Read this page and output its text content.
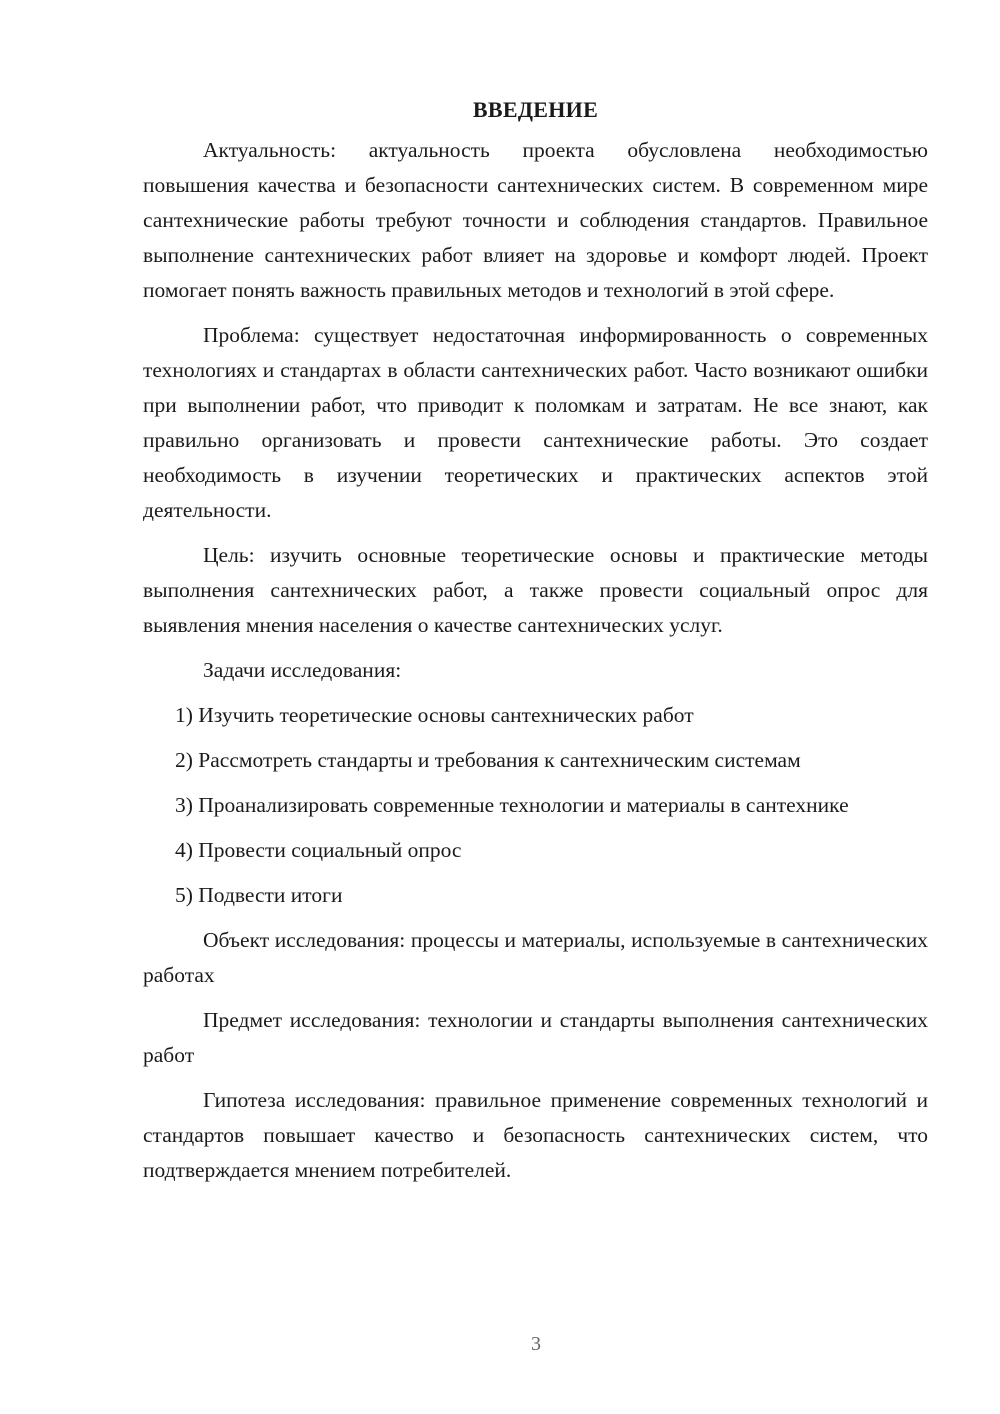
ВВЕДЕНИЕ

Актуальность: актуальность проекта обусловлена необходимостью повышения качества и безопасности сантехнических систем. В современном мире сантехнические работы требуют точности и соблюдения стандартов. Правильное выполнение сантехнических работ влияет на здоровье и комфорт людей. Проект помогает понять важность правильных методов и технологий в этой сфере.

Проблема: существует недостаточная информированность о современных технологиях и стандартах в области сантехнических работ. Часто возникают ошибки при выполнении работ, что приводит к поломкам и затратам. Не все знают, как правильно организовать и провести сантехнические работы. Это создает необходимость в изучении теоретических и практических аспектов этой деятельности.

Цель: изучить основные теоретические основы и практические методы выполнения сантехнических работ, а также провести социальный опрос для выявления мнения населения о качестве сантехнических услуг.

Задачи исследования:

1) Изучить теоретические основы сантехнических работ

2) Рассмотреть стандарты и требования к сантехническим системам

3) Проанализировать современные технологии и материалы в сантехнике

4) Провести социальный опрос

5) Подвести итоги

Объект исследования: процессы и материалы, используемые в сантехнических работах

Предмет исследования: технологии и стандарты выполнения сантехнических работ

Гипотеза исследования: правильное применение современных технологий и стандартов повышает качество и безопасность сантехнических систем, что подтверждается мнением потребителей.

3
